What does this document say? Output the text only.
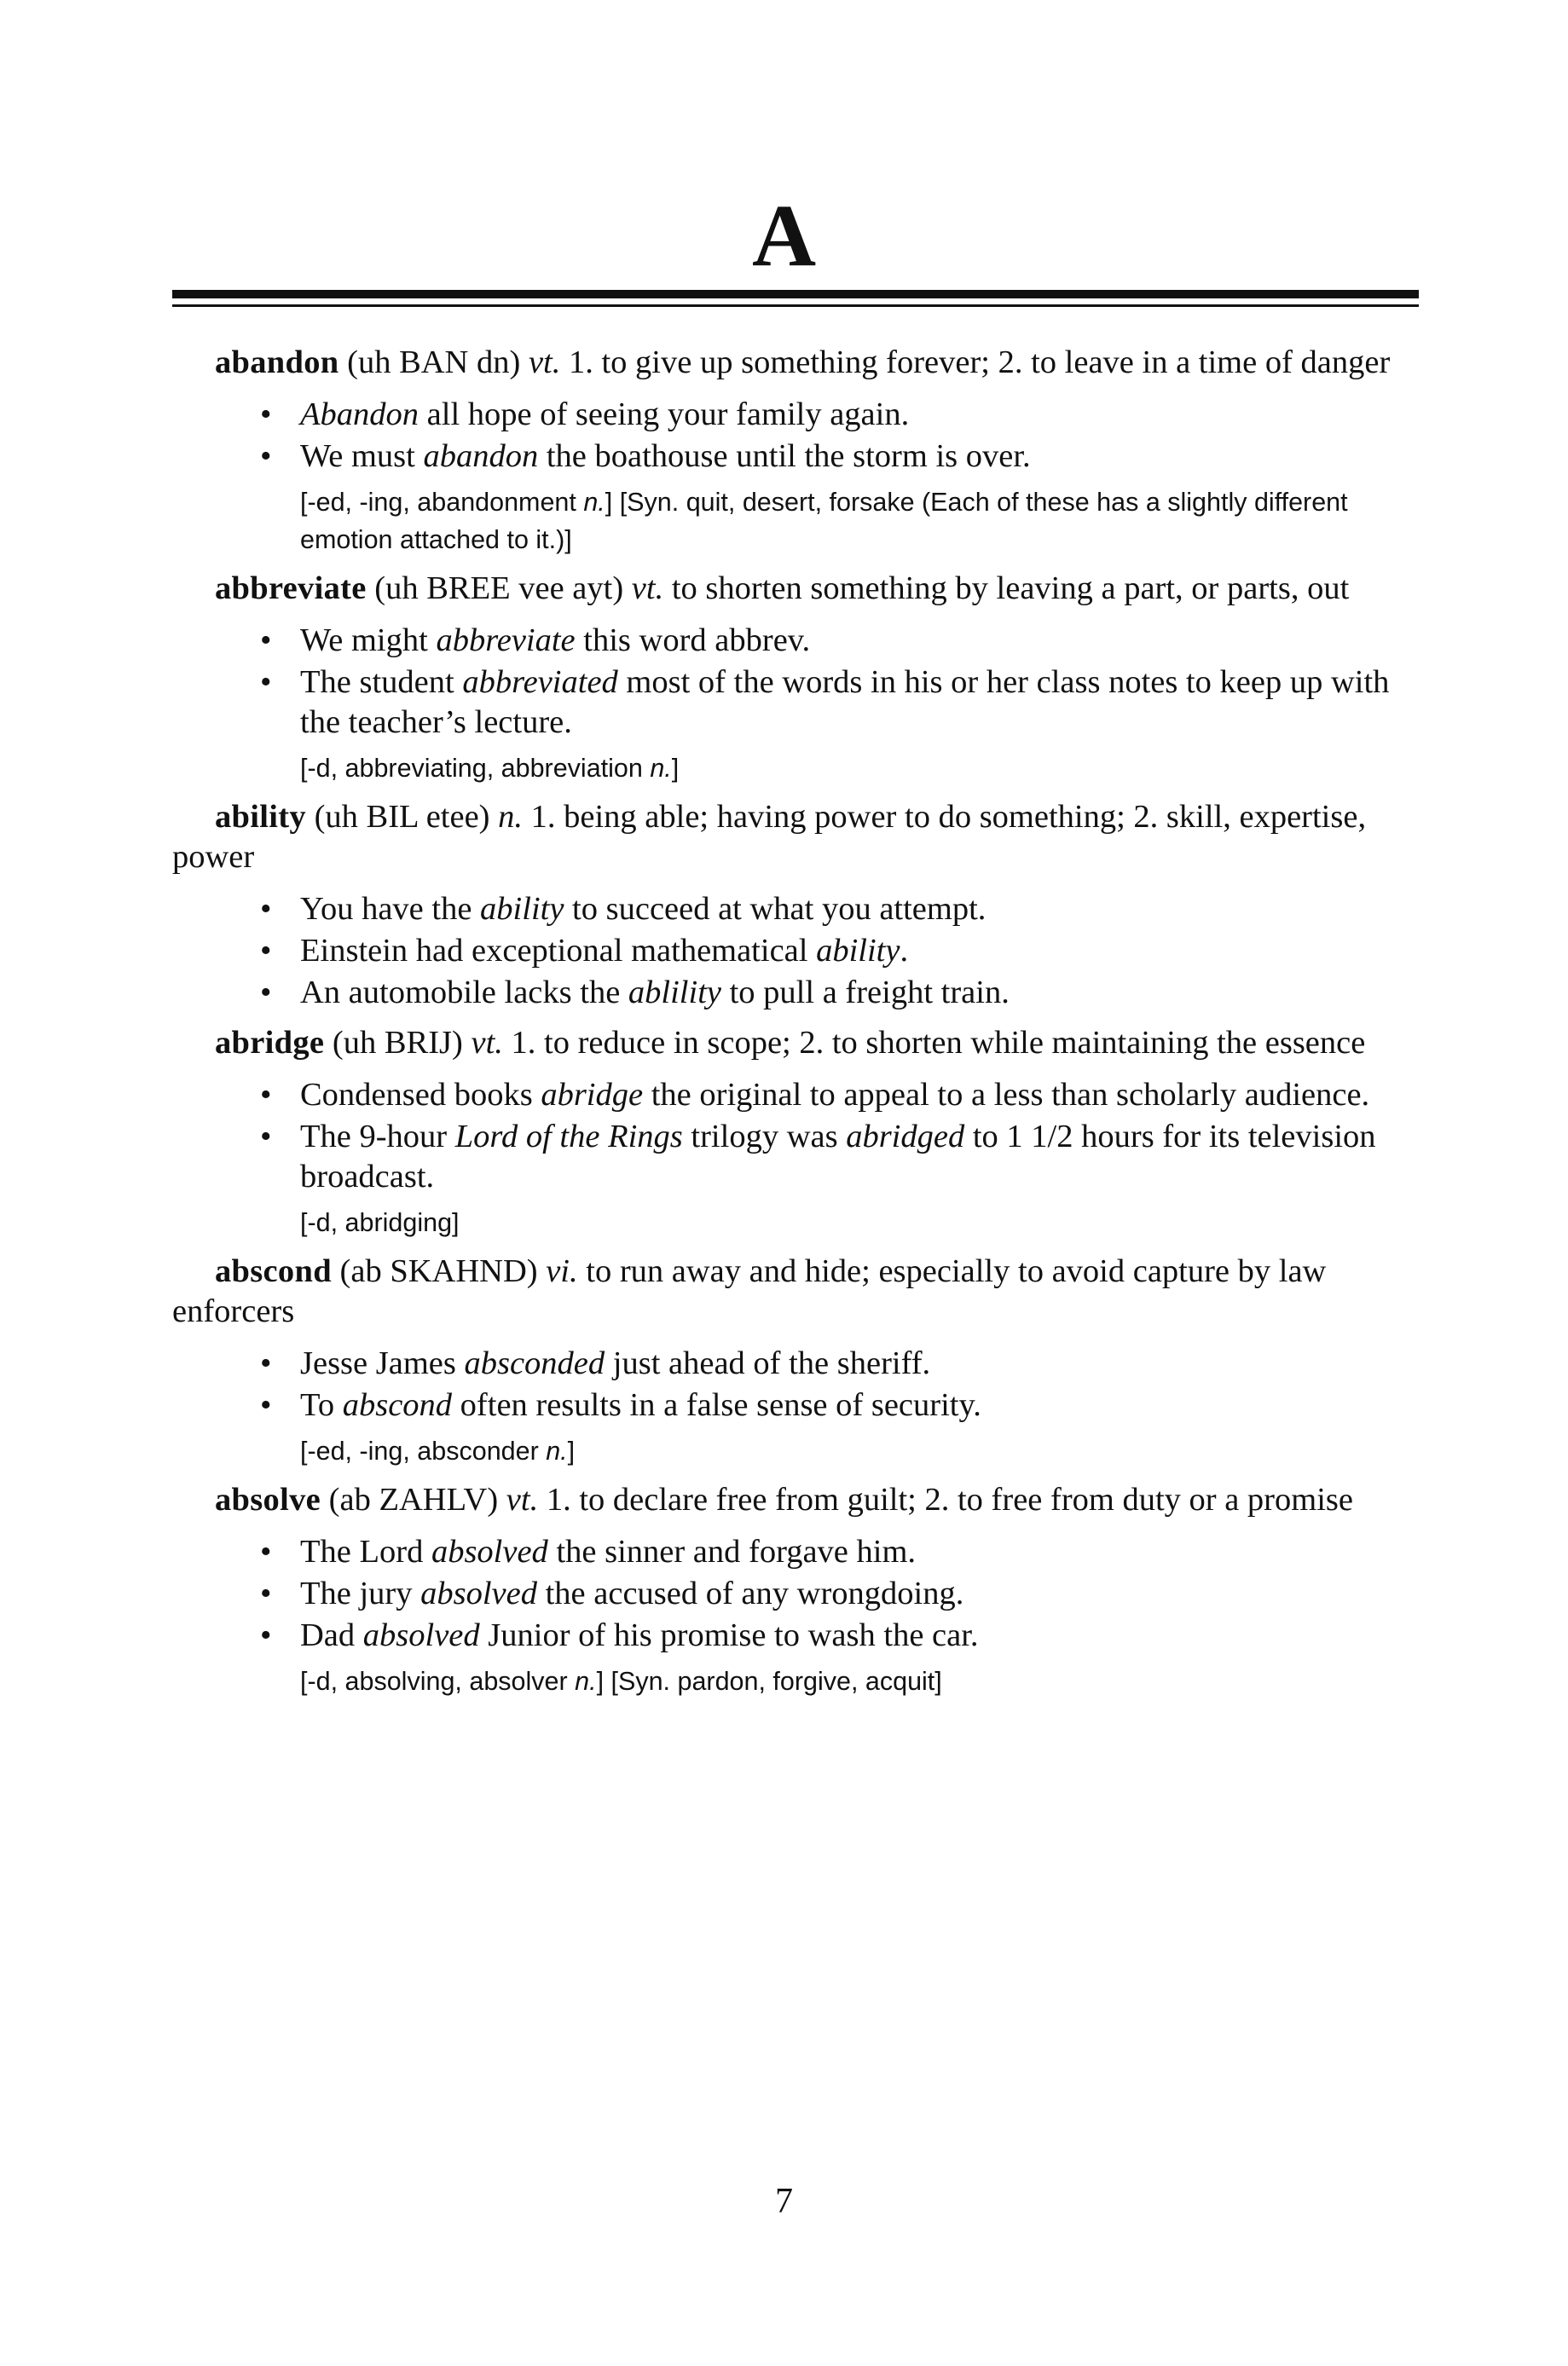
A

abandon (uh BAN dn) vt. 1. to give up something forever; 2. to leave in a time of danger

• Abandon all hope of seeing your family again.
• We must abandon the boathouse until the storm is over.
[-ed, -ing, abandonment n.] [Syn. quit, desert, forsake (Each of these has a slightly different emotion attached to it.)]

abbreviate (uh BREE vee ayt) vt. to shorten something by leaving a part, or parts, out

• We might abbreviate this word abbrev.
• The student abbreviated most of the words in his or her class notes to keep up with the teacher’s lecture.
[-d, abbreviating, abbreviation n.]

ability (uh BIL etee) n. 1. being able; having power to do something; 2. skill, expertise, power

• You have the ability to succeed at what you attempt.
• Einstein had exceptional mathematical ability.
• An automobile lacks the ablility to pull a freight train.

abridge (uh BRIJ) vt. 1. to reduce in scope; 2. to shorten while maintaining the essence

• Condensed books abridge the original to appeal to a less than scholarly audience.
• The 9-hour Lord of the Rings trilogy was abridged to 1 1/2 hours for its television broadcast.
[-d, abridging]

abscond (ab SKAHND) vi. to run away and hide; especially to avoid capture by law enforcers

• Jesse James absconded just ahead of the sheriff.
• To abscond often results in a false sense of security.
[-ed, -ing, absconder n.]

absolve (ab ZAHLV) vt. 1. to declare free from guilt; 2. to free from duty or a promise

• The Lord absolved the sinner and forgave him.
• The jury absolved the accused of any wrongdoing.
• Dad absolved Junior of his promise to wash the car.
[-d, absolving, absolver n.] [Syn. pardon, forgive, acquit]
7
